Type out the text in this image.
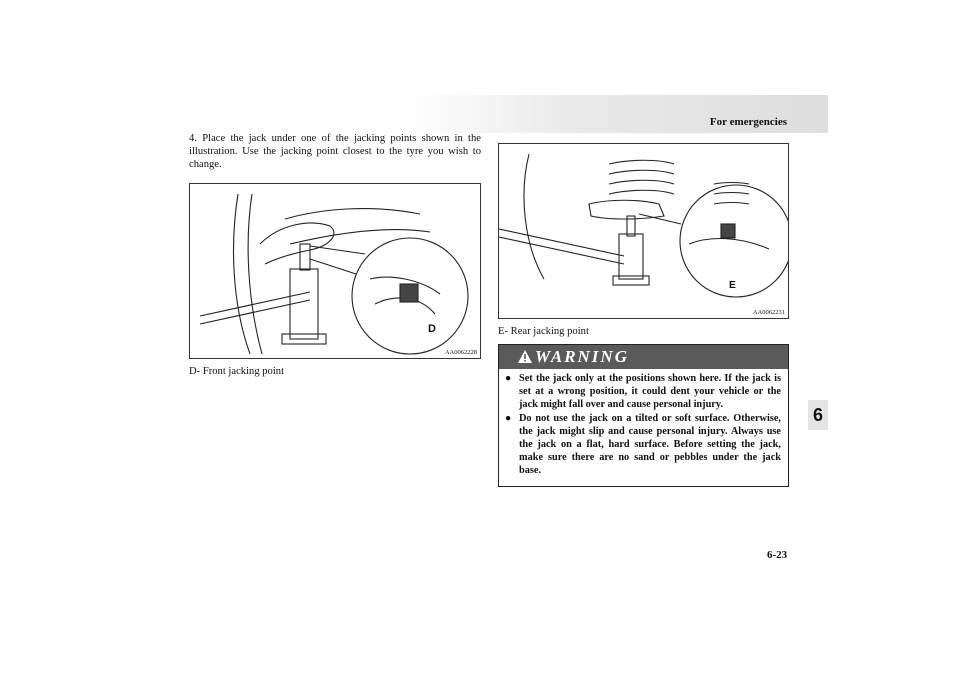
For emergencies
6
4. Place the jack under one of the jacking points shown in the illustration. Use the jacking point closest to the tyre you wish to change.
D
AA0062228
D- Front jacking point
E
AA0062231
E- Rear jacking point
WARNING
● Set the jack only at the positions shown here. If the jack is set at a wrong position, it could dent your vehicle or the jack might fall over and cause personal injury.
● Do not use the jack on a tilted or soft surface. Otherwise, the jack might slip and cause personal injury. Always use the jack on a flat, hard surface. Before setting the jack, make sure there are no sand or pebbles under the jack base.
6-23
